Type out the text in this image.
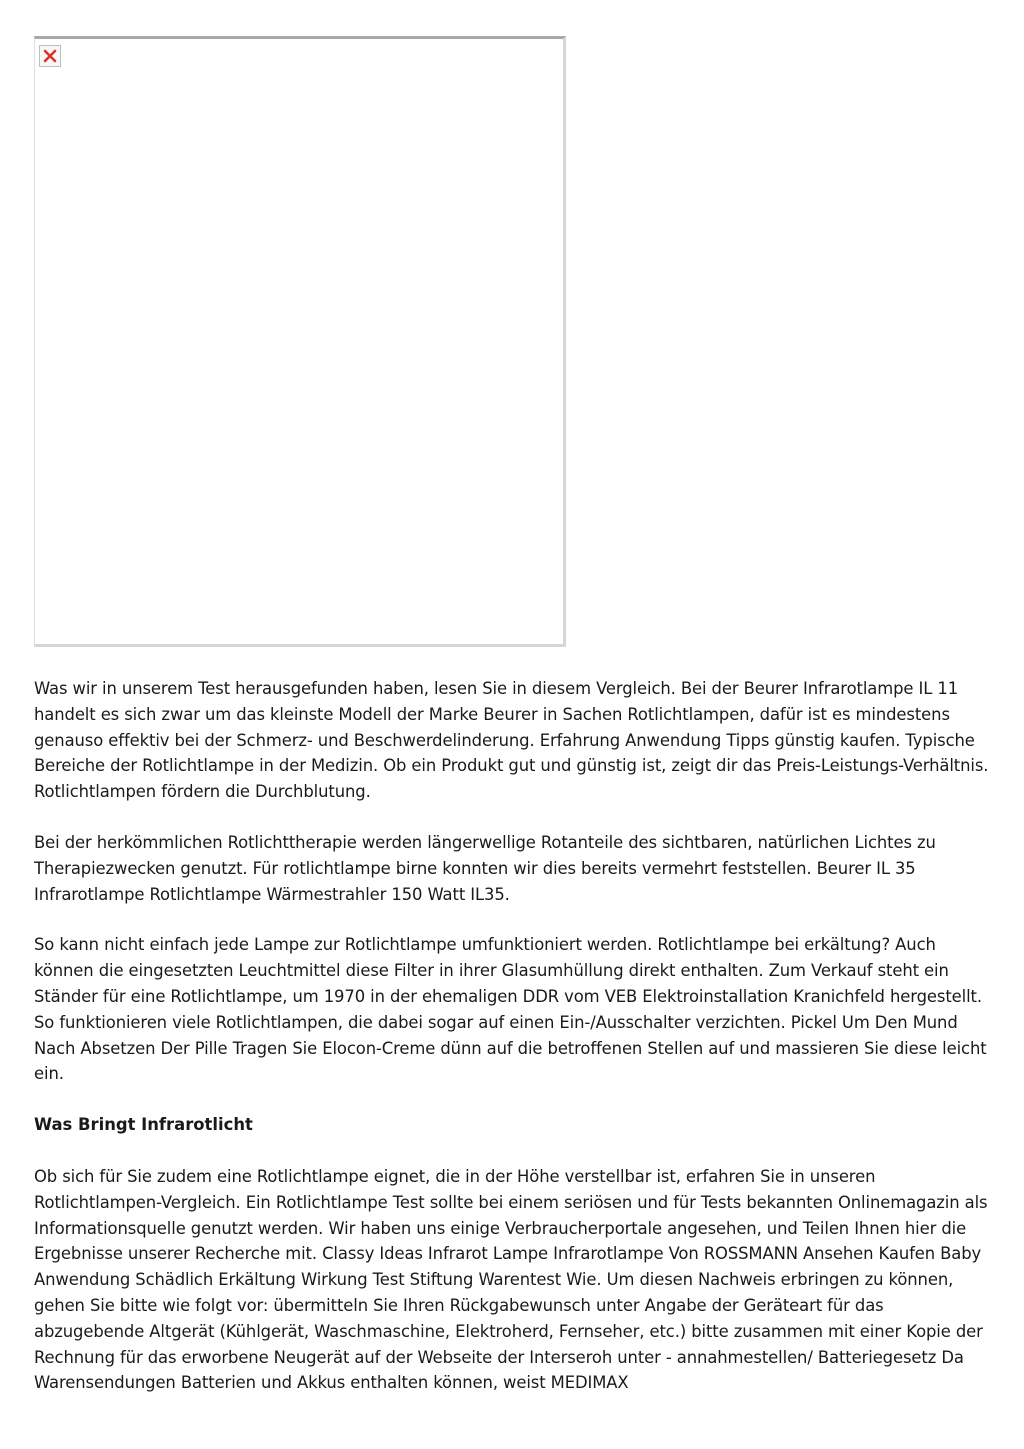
Was wir in unserem Test herausgefunden haben, lesen Sie in diesem Vergleich. Bei der Beurer Infrarotlampe IL 11 handelt es sich zwar um das kleinste Modell der Marke Beurer in Sachen Rotlichtlampen, dafür ist es mindestens genauso effektiv bei der Schmerz- und Beschwerdelinderung. Erfahrung Anwendung Tipps günstig kaufen. Typische Bereiche der Rotlichtlampe in der Medizin. Ob ein Produkt gut und günstig ist, zeigt dir das Preis-Leistungs-Verhältnis. Rotlichtlampen fördern die Durchblutung.

Bei der herkömmlichen Rotlichttherapie werden längerwellige Rotanteile des sichtbaren, natürlichen Lichtes zu Therapiezwecken genutzt. Für rotlichtlampe birne konnten wir dies bereits vermehrt feststellen. Beurer IL 35 Infrarotlampe Rotlichtlampe Wärmestrahler 150 Watt IL35.

So kann nicht einfach jede Lampe zur Rotlichtlampe umfunktioniert werden. Rotlichtlampe bei erkältung? Auch können die eingesetzten Leuchtmittel diese Filter in ihrer Glasumhüllung direkt enthalten. Zum Verkauf steht ein Ständer für eine Rotlichtlampe, um 1970 in der ehemaligen DDR vom VEB Elektroinstallation Kranichfeld hergestellt. So funktionieren viele Rotlichtlampen, die dabei sogar auf einen Ein-/Ausschalter verzichten. Pickel Um Den Mund Nach Absetzen Der Pille Tragen Sie Elocon-Creme dünn auf die betroffenen Stellen auf und massieren Sie diese leicht ein.

Was Bringt Infrarotlicht

Ob sich für Sie zudem eine Rotlichtlampe eignet, die in der Höhe verstellbar ist, erfahren Sie in unseren Rotlichtlampen-Vergleich. Ein Rotlichtlampe Test sollte bei einem seriösen und für Tests bekannten Onlinemagazin als Informationsquelle genutzt werden. Wir haben uns einige Verbraucherportale angesehen, und Teilen Ihnen hier die Ergebnisse unserer Recherche mit. Classy Ideas Infrarot Lampe Infrarotlampe Von ROSSMANN Ansehen Kaufen Baby Anwendung Schädlich Erkältung Wirkung Test Stiftung Warentest Wie. Um diesen Nachweis erbringen zu können, gehen Sie bitte wie folgt vor: übermitteln Sie Ihren Rückgabewunsch unter Angabe der Geräteart für das abzugebende Altgerät (Kühlgerät, Waschmaschine, Elektroherd, Fernseher, etc.) bitte zusammen mit einer Kopie der Rechnung für das erworbene Neugerät auf der Webseite der Interseroh unter - annahmestellen/ Batteriegesetz Da Warensendungen Batterien und Akkus enthalten können, weist MEDIMAX
